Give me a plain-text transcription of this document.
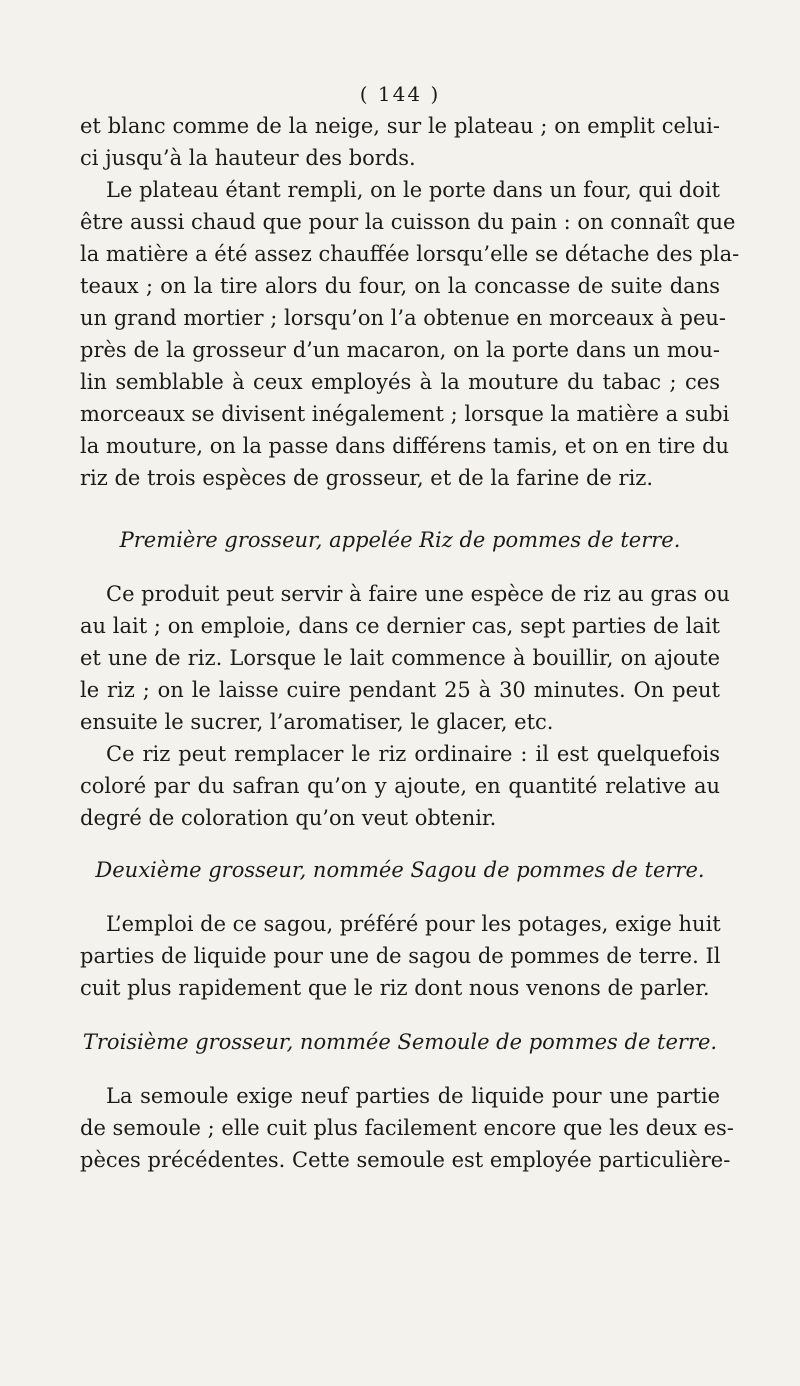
( 144 )
et blanc comme de la neige, sur le plateau ; on emplit celui-
ci jusqu’à la hauteur des bords.
Le plateau étant rempli, on le porte dans un four, qui doit
être aussi chaud que pour la cuisson du pain : on connaît que
la matière a été assez chauffée lorsqu’elle se détache des pla-
teaux ; on la tire alors du four, on la concasse de suite dans
un grand mortier ; lorsqu’on l’a obtenue en morceaux à peu-
près de la grosseur d’un macaron, on la porte dans un mou-
lin semblable à ceux employés à la mouture du tabac ; ces
morceaux se divisent inégalement ; lorsque la matière a subi
la mouture, on la passe dans différens tamis, et on en tire du
riz de trois espèces de grosseur, et de la farine de riz.
Première grosseur, appelée Riz de pommes de terre.
Ce produit peut servir à faire une espèce de riz au gras ou
au lait ; on emploie, dans ce dernier cas, sept parties de lait
et une de riz. Lorsque le lait commence à bouillir, on ajoute
le riz ; on le laisse cuire pendant 25 à 30 minutes. On peut
ensuite le sucrer, l’aromatiser, le glacer, etc.
Ce riz peut remplacer le riz ordinaire : il est quelquefois
coloré par du safran qu’on y ajoute, en quantité relative au
degré de coloration qu’on veut obtenir.
Deuxième grosseur, nommée Sagou de pommes de terre.
L’emploi de ce sagou, préféré pour les potages, exige huit
parties de liquide pour une de sagou de pommes de terre. Il
cuit plus rapidement que le riz dont nous venons de parler.
Troisième grosseur, nommée Semoule de pommes de terre.
La semoule exige neuf parties de liquide pour une partie
de semoule ; elle cuit plus facilement encore que les deux es-
pèces précédentes. Cette semoule est employée particulière-
